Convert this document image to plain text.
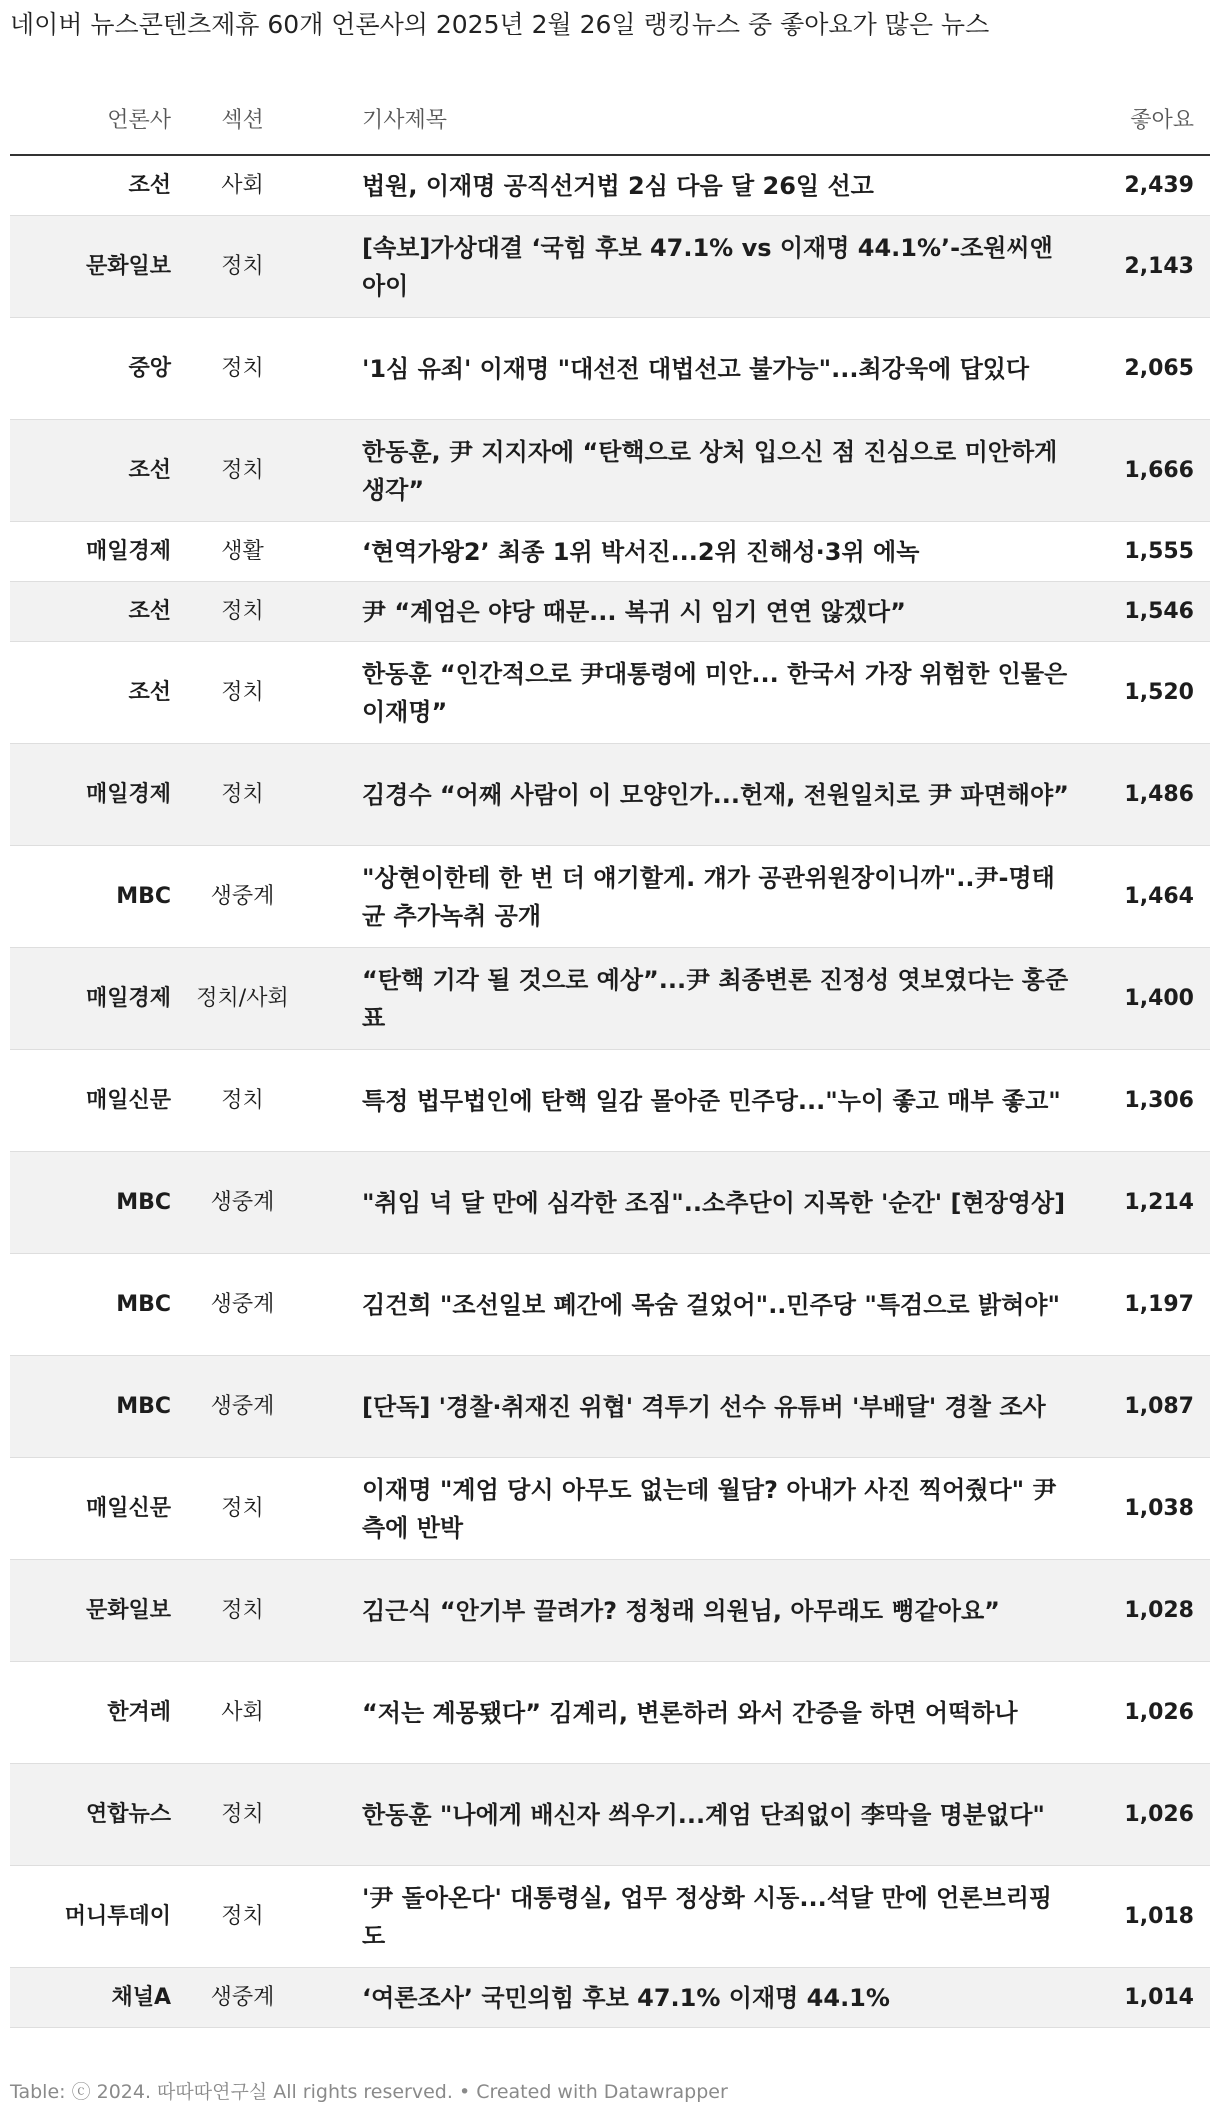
네이버 뉴스콘텐츠제휴 60개 언론사의 2025년 2월 26일 랭킹뉴스 중 좋아요가 많은 뉴스
언론사	섹션	기사제목	좋아요
조선	사회	법원, 이재명 공직선거법 2심 다음 달 26일 선고	2,439
문화일보	정치	[속보]가상대결 ‘국힘 후보 47.1% vs 이재명 44.1%’-조원씨앤아이	2,143
중앙	정치	'1심 유죄' 이재명 "대선전 대법선고 불가능"...최강욱에 답있다	2,065
조선	정치	한동훈, 尹 지지자에 “탄핵으로 상처 입으신 점 진심으로 미안하게 생각”	1,666
매일경제	생활	‘현역가왕2’ 최종 1위 박서진...2위 진해성·3위 에녹	1,555
조선	정치	尹 “계엄은 야당 때문... 복귀 시 임기 연연 않겠다”	1,546
조선	정치	한동훈 “인간적으로 尹대통령에 미안... 한국서 가장 위험한 인물은 이재명”	1,520
매일경제	정치	김경수 “어째 사람이 이 모양인가...헌재, 전원일치로 尹 파면해야”	1,486
MBC	생중계	"상현이한테 한 번 더 얘기할게. 걔가 공관위원장이니까"..尹-명태균 추가녹취 공개	1,464
매일경제	정치/사회	“탄핵 기각 될 것으로 예상”...尹 최종변론 진정성 엿보였다는 홍준표	1,400
매일신문	정치	특정 법무법인에 탄핵 일감 몰아준 민주당..."누이 좋고 매부 좋고"	1,306
MBC	생중계	"취임 넉 달 만에 심각한 조짐"..소추단이 지목한 '순간' [현장영상]	1,214
MBC	생중계	김건희 "조선일보 폐간에 목숨 걸었어"..민주당 "특검으로 밝혀야"	1,197
MBC	생중계	[단독] '경찰·취재진 위협' 격투기 선수 유튜버 '부배달' 경찰 조사	1,087
매일신문	정치	이재명 "계엄 당시 아무도 없는데 월담? 아내가 사진 찍어줬다" 尹측에 반박	1,038
문화일보	정치	김근식 “안기부 끌려가? 정청래 의원님, 아무래도 뻥같아요”	1,028
한겨레	사회	“저는 계몽됐다” 김계리, 변론하러 와서 간증을 하면 어떡하나	1,026
연합뉴스	정치	한동훈 "나에게 배신자 씌우기...계엄 단죄없이 李막을 명분없다"	1,026
머니투데이	정치	'尹 돌아온다' 대통령실, 업무 정상화 시동...석달 만에 언론브리핑도	1,018
채널A	생중계	‘여론조사’ 국민의힘 후보 47.1% 이재명 44.1%	1,014
Table: ⓒ 2024. 따따따연구실 All rights reserved. • Created with Datawrapper
